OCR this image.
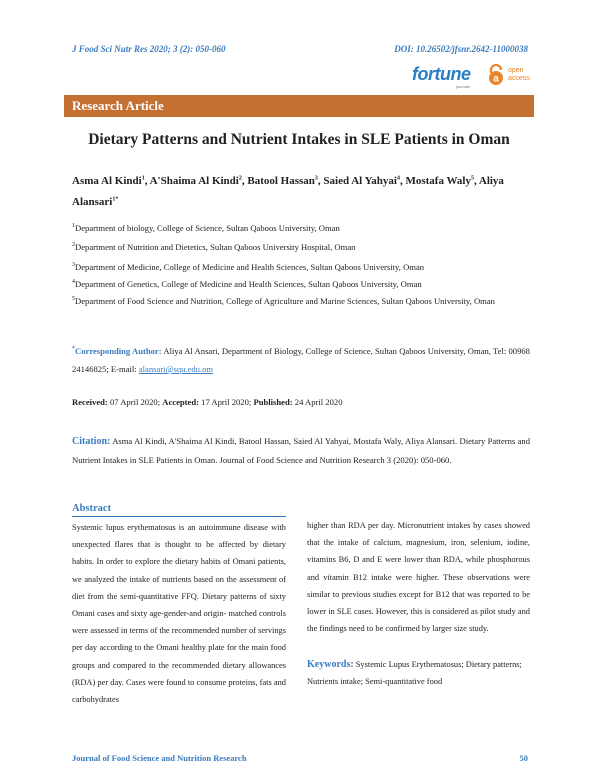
J Food Sci Nutr Res 2020; 3 (2): 050-060	DOI: 10.26502/jfsnr.2642-11000038
fortune
journals
a
open
access
Research Article
Dietary Patterns and Nutrient Intakes in SLE Patients in Oman
Asma Al Kindi$^1$, A'Shaima Al Kindi$^2$, Batool Hassan$^3$, Saied Al Yahyai$^4$, Mostafa Waly$^5$, Aliya Alansari$^{1*}$
$^1$Department of biology, College of Science, Sultan Qaboos University, Oman
$^2$Department of Nutrition and Dietetics, Sultan Qaboos University Hospital, Oman
$^3$Department of Medicine, College of Medicine and Health Sciences, Sultan Qaboos University, Oman
$^4$Department of Genetics, College of Medicine and Health Sciences, Sultan Qaboos University, Oman
$^5$Department of Food Science and Nutrition, College of Agriculture and Marine Sciences, Sultan Qaboos University, Oman
*Corresponding Author: Aliya Al Ansari, Department of Biology, College of Science, Sultan Qaboos University, Oman, Tel: 00968 24146825; E-mail: alansari@squ.edu.om
Received: 07 April 2020; Accepted: 17 April 2020; Published: 24 April 2020
Citation: Asma Al Kindi, A'Shaima Al Kindi, Batool Hassan, Saied Al Yahyai, Mostafa Waly, Aliya Alansari. Dietary Patterns and Nutrient Intakes in SLE Patients in Oman. Journal of Food Science and Nutrition Research 3 (2020): 050-060.
Abstract
Systemic lupus erythematosus is an autoimmune disease with unexpected flares that is thought to be affected by dietary habits. In order to explore the dietary habits of Omani patients, we analyzed the intake of nutrients based on the assessment of diet from the semi-quantitative FFQ. Dietary patterns of sixty Omani cases and sixty age-gender-and origin- matched controls were assessed in terms of the recommended number of servings per day according to the Omani healthy plate for the main food groups and compared to the recommended dietary allowances (RDA) per day. Cases were found to consume proteins, fats and carbohydrates
higher than RDA per day. Micronutrient intakes by cases showed that the intake of calcium, magnesium, iron, selenium, iodine, vitamins B6, D and E were lower than RDA, while phosphorous and vitamin B12 intake were higher. These observations were similar to previous studies except for B12 that was reported to be lower in SLE cases. However, this is considered as pilot study and the findings need to be confirmed by larger size study.
Keywords: Systemic Lupus Erythematosus; Dietary patterns; Nutrients intake; Semi-quantitative food
Journal of Food Science and Nutrition Research	50
